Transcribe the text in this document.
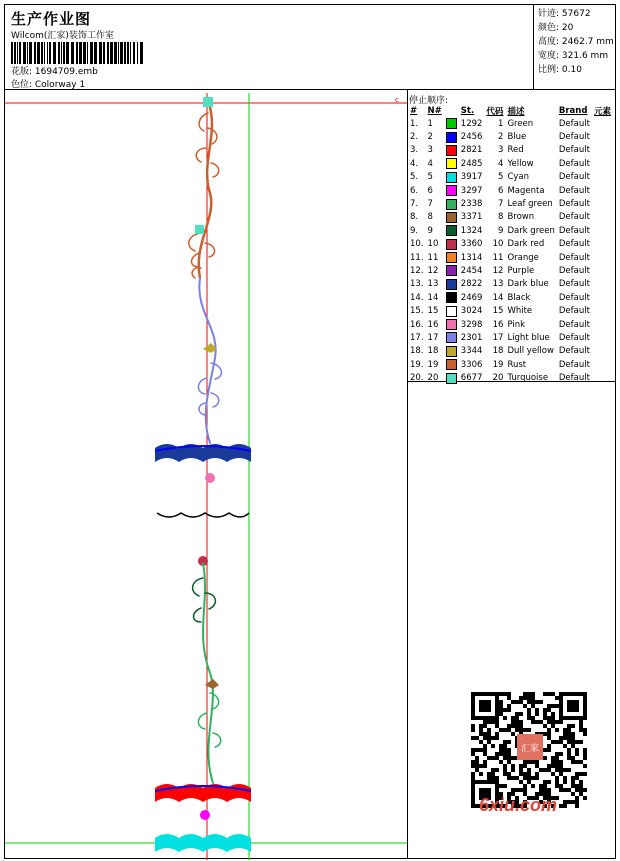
生产作业图
Wilcom(汇家)装饰工作室
花版: 1694709.emb
色位: Colorway 1
针迹: 57672
颜色: 20
高度: 2462.7 mm
宽度: 321.6 mm
比例: 0.10
c 停止顺序:
#	N#		St.	代码	描述	Brand	元素
1.	1		1292	1	Green	Default	
2.	2		2456	2	Blue	Default	
3.	3		2821	3	Red	Default	
4.	4		2485	4	Yellow	Default	
5.	5		3917	5	Cyan	Default	
6.	6		3297	6	Magenta	Default	
7.	7		2338	7	Leaf green	Default	
8.	8		3371	8	Brown	Default	
9.	9		1324	9	Dark green	Default	
10.	10		3360	10	Dark red	Default	
11.	11		1314	11	Orange	Default	
12.	12		2454	12	Purple	Default	
13.	13		2822	13	Dark blue	Default	
14.	14		2469	14	Black	Default	
15.	15		3024	15	White	Default	
16.	16		3298	16	Pink	Default	
17.	17		2301	17	Light blue	Default	
18.	18		3344	18	Dull yellow	Default	
19.	19		3306	19	Rust	Default	
20.	20		6677	20	Turquoise	Default	
汇家
6xiu.com
